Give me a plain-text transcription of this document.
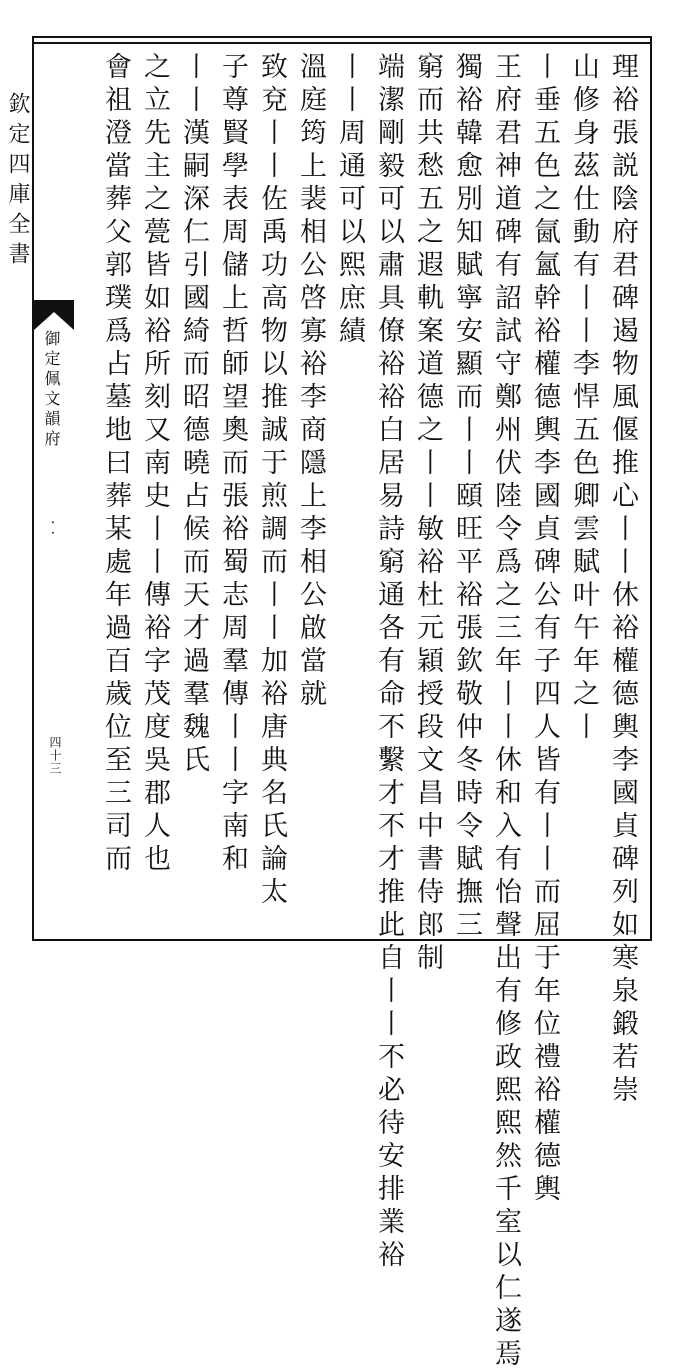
欽定四庫全書
御定佩文韻府
··
四十三	理裕張説陰府君碑遏物風偃推心丨丨休裕權德輿李國貞碑列如寒泉鍛若崇
山修身茲仕動有丨丨李悍五色卿雲賦叶午年之丨
丨垂五色之氤氳幹裕權德輿李國貞碑公有子四人皆有丨丨而屈于年位禮裕權德輿
王府君神道碑有詔試守鄭州伏陸令爲之三年丨丨休和入有怡聲出有修政熙熙然千室以仁遂焉
獨裕韓愈別知賦寧安顯而丨丨頤旺平裕張欽敬仲冬時令賦撫三
窮而共愁五之遐軌案道德之丨丨敏裕杜元穎授段文昌中書侍郎制
端潔剛毅可以肅具僚裕裕白居易詩窮通各有命不繫才不才推此自丨丨不必待安排業裕
丨丨周通可以熙庶績
溫庭筠上裴相公啓寡裕李商隱上李相公啟當就
致兗丨丨佐禹功高物以推誠于煎調而丨丨加裕唐典名氏論太
子尊賢學表周儲上哲師望奧而張裕蜀志周羣傳丨丨字南和
丨丨漢嗣深仁引國綺而昭德曉占候而天才過羣魏氏
之立先主之甍皆如裕所刻又南史丨丨傳裕字茂度吳郡人也
會祖澄當葬父郭璞爲占墓地曰葬某處年過百歲位至三司而
